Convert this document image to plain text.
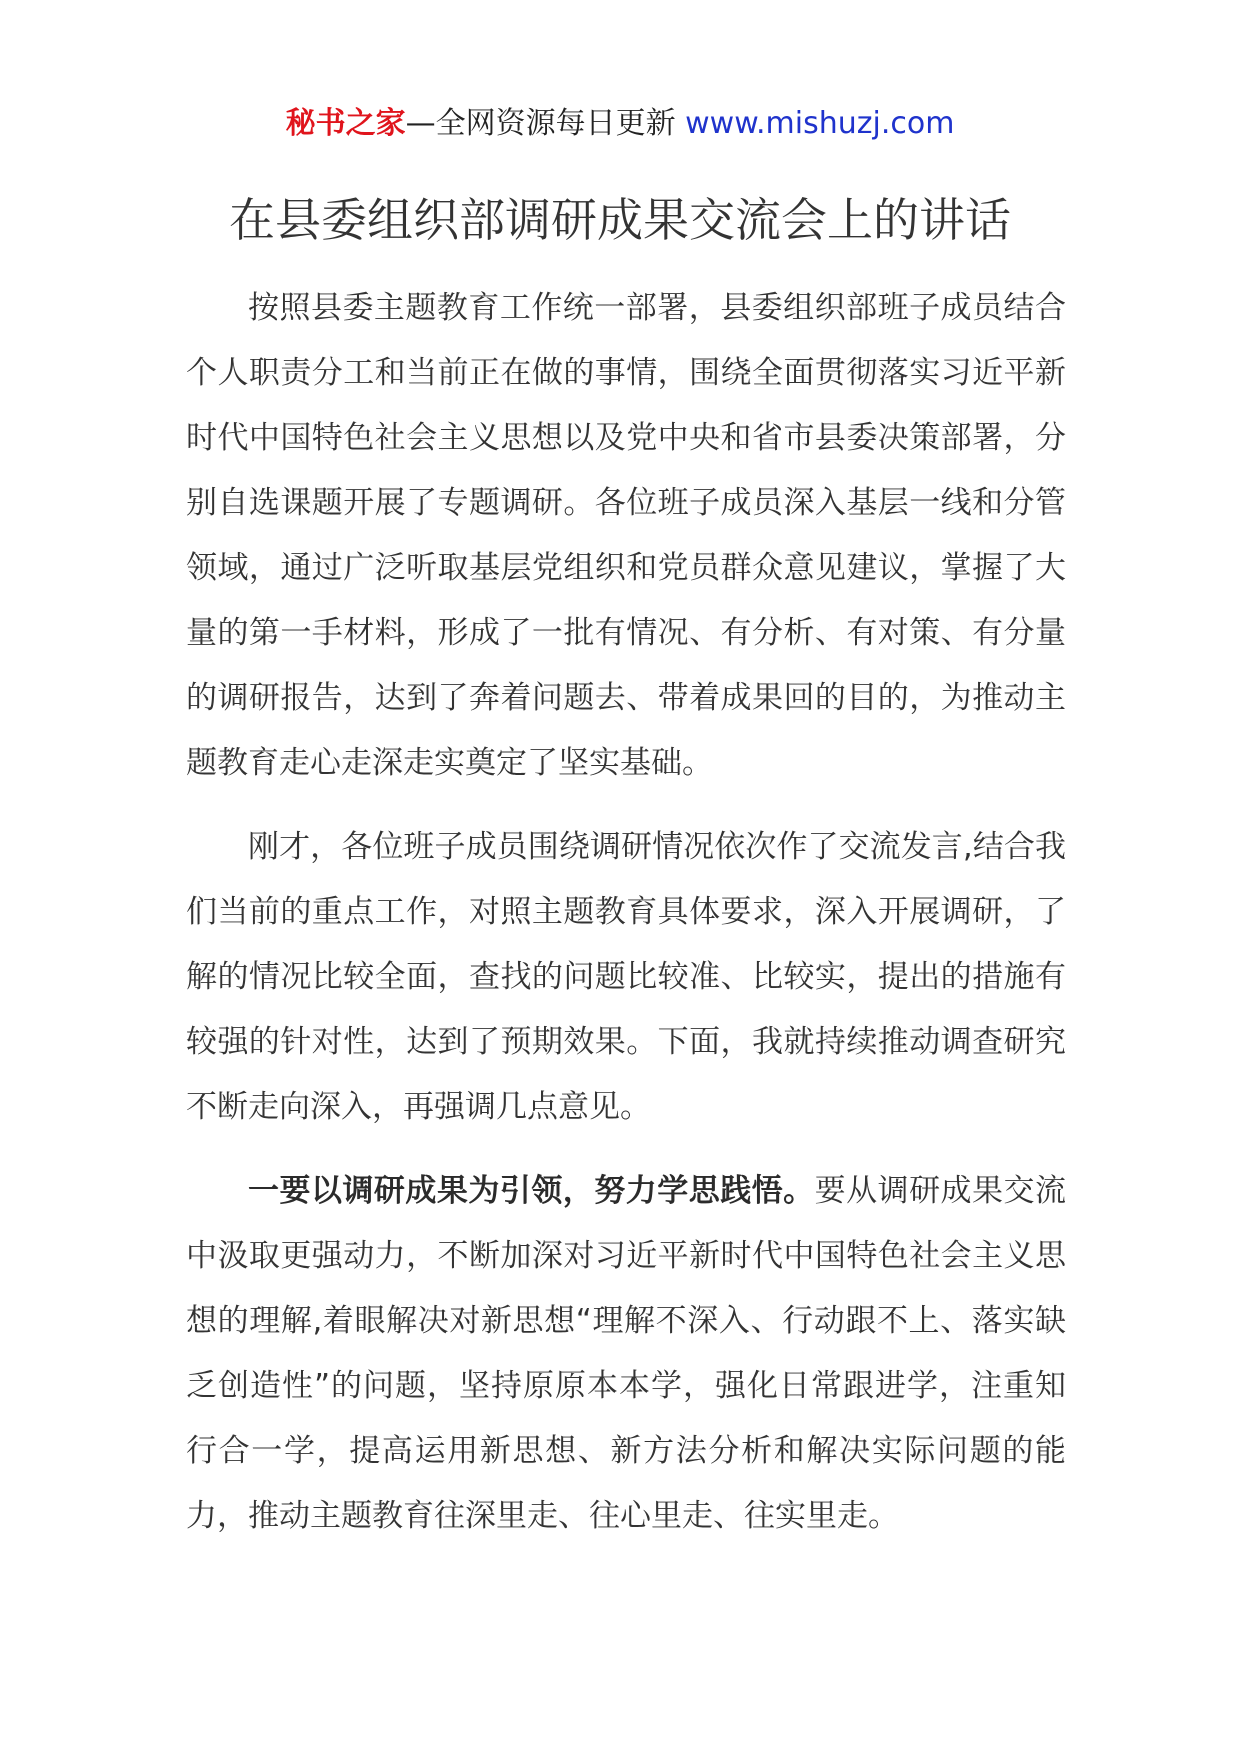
秘书之家—全网资源每日更新 www.mishuzj.com
在县委组织部调研成果交流会上的讲话

按照县委主题教育工作统一部署，县委组织部班子成员结合个人职责分工和当前正在做的事情，围绕全面贯彻落实习近平新时代中国特色社会主义思想以及党中央和省市县委决策部署，分别自选课题开展了专题调研。各位班子成员深入基层一线和分管领域，通过广泛听取基层党组织和党员群众意见建议，掌握了大量的第一手材料，形成了一批有情况、有分析、有对策、有分量的调研报告，达到了奔着问题去、带着成果回的目的，为推动主题教育走心走深走实奠定了坚实基础。

刚才，各位班子成员围绕调研情况依次作了交流发言,结合我们当前的重点工作，对照主题教育具体要求，深入开展调研，了解的情况比较全面，查找的问题比较准、比较实，提出的措施有较强的针对性，达到了预期效果。下面，我就持续推动调查研究不断走向深入，再强调几点意见。

一要以调研成果为引领，努力学思践悟。要从调研成果交流中汲取更强动力，不断加深对习近平新时代中国特色社会主义思想的理解,着眼解决对新思想“理解不深入、行动跟不上、落实缺乏创造性”的问题，坚持原原本本学，强化日常跟进学，注重知行合一学，提高运用新思想、新方法分析和解决实际问题的能力，推动主题教育往深里走、往心里走、往实里走。
